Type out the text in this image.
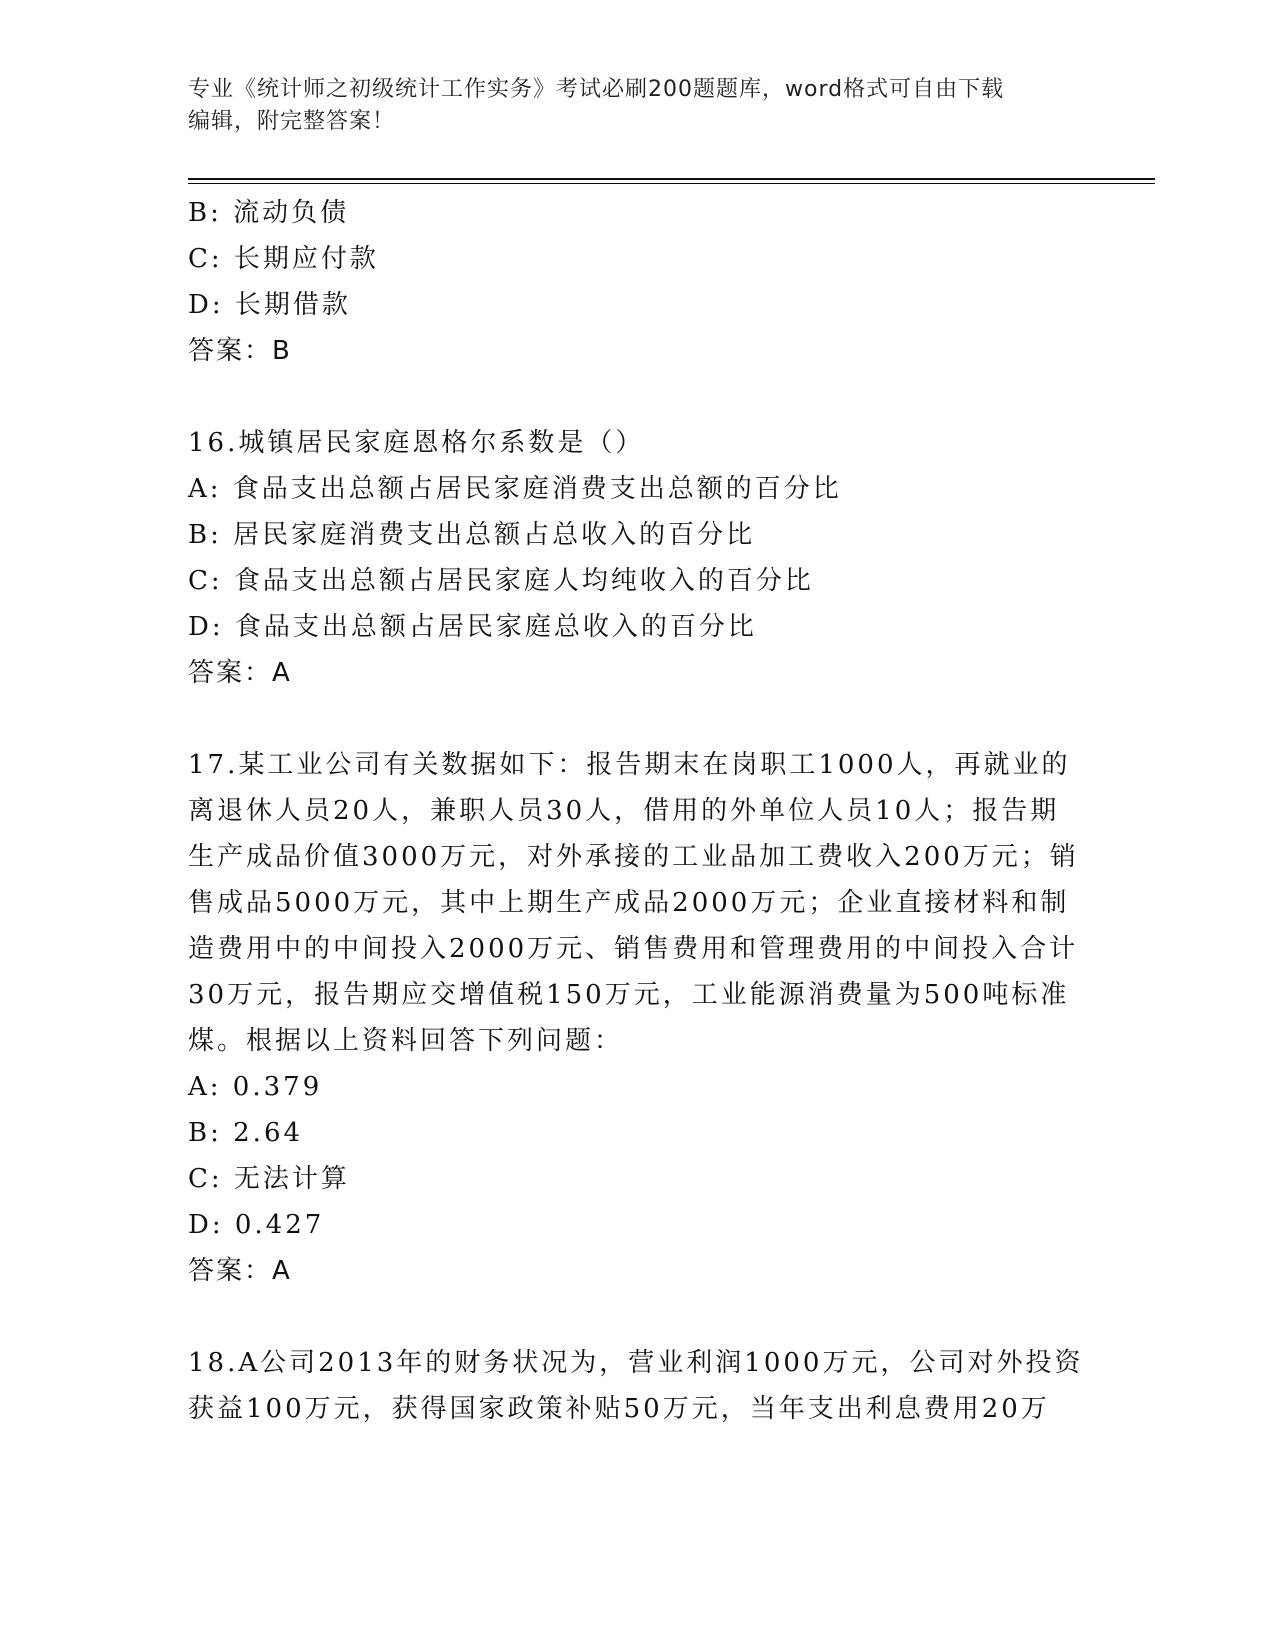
专业《统计师之初级统计工作实务》考试必刷200题题库，word格式可自由下载
编辑，附完整答案！
B: 流动负债
C: 长期应付款
D: 长期借款
答案：B
16.城镇居民家庭恩格尔系数是（）
A: 食品支出总额占居民家庭消费支出总额的百分比
B: 居民家庭消费支出总额占总收入的百分比
C: 食品支出总额占居民家庭人均纯收入的百分比
D: 食品支出总额占居民家庭总收入的百分比
答案：A
17.某工业公司有关数据如下：报告期末在岗职工1000人，再就业的
离退休人员20人，兼职人员30人，借用的外单位人员10人；报告期
生产成品价值3000万元，对外承接的工业品加工费收入200万元；销
售成品5000万元，其中上期生产成品2000万元；企业直接材料和制
造费用中的中间投入2000万元、销售费用和管理费用的中间投入合计
30万元，报告期应交增值税150万元，工业能源消费量为500吨标准
煤。根据以上资料回答下列问题：
A: 0.379
B: 2.64
C: 无法计算
D: 0.427
答案：A
18.A公司2013年的财务状况为，营业利润1000万元，公司对外投资
获益100万元，获得国家政策补贴50万元，当年支出利息费用20万
